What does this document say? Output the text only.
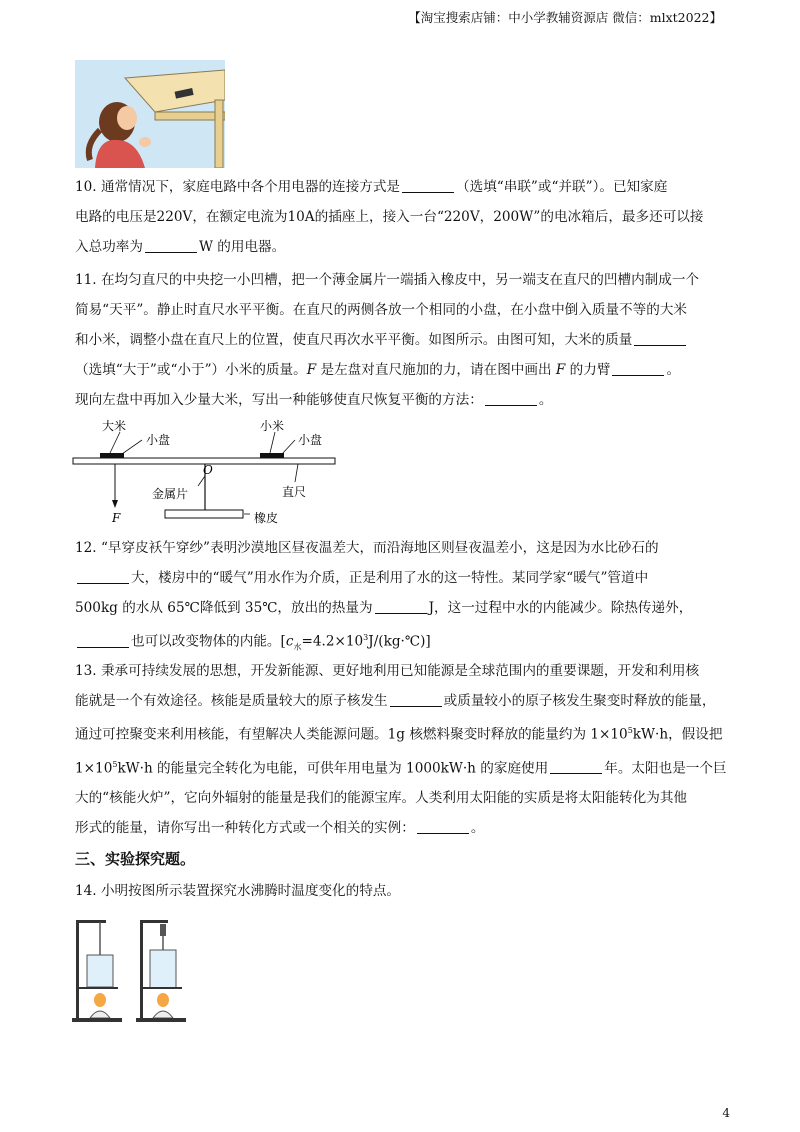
【淘宝搜索店铺：中小学教辅资源店 微信：mlxt2022】

10. 通常情况下，家庭电路中各个用电器的连接方式是	（选填“串联”或“并联”）。已知家庭

电路的电压是220V，在额定电流为10A的插座上，接入一台“220V，200W”的电冰箱后，最多还可以接

入总功率为	W 的用电器。

11. 在均匀直尺的中央挖一小凹槽，把一个薄金属片一端插入橡皮中，另一端支在直尺的凹槽内制成一个

简易“天平”。静止时直尺水平平衡。在直尺的两侧各放一个相同的小盘，在小盘中倒入质量不等的大米

和小米，调整小盘在直尺上的位置，使直尺再次水平平衡。如图所示。由图可知，大米的质量

（选填“大于”或“小于”）小米的质量。F 是左盘对直尺施加的力，请在图中画出 F 的力臂	。

现向左盘中再加入少量大米，写出一种能够使直尺恢复平衡的方法：	。

大米
小盘
小米
小盘
O
金属片	直尺
F	橡皮

12. “早穿皮袄午穿纱”表明沙漠地区昼夜温差大，而沿海地区则昼夜温差小，这是因为水比砂石的

大，楼房中的“暖气”用水作为介质，正是利用了水的这一特性。某同学家“暖气”管道中

500kg 的水从 65℃降低到 35℃，放出的热量为	J，这一过程中水的内能减少。除热传递外，

也可以改变物体的内能。$[c_水=4.2\times 10^3J/(kg\cdot℃)]$

13. 秉承可持续发展的思想，开发新能源、更好地利用已知能源是全球范围内的重要课题，开发和利用核

能就是一个有效途径。核能是质量较大的原子核发生	或质量较小的原子核发生聚变时释放的能量，

通过可控聚变来利用核能，有望解决人类能源问题。1g 核燃料聚变时释放的能量约为 $1\times 10^5kW\cdot h$，假设把

$1\times 10^5kW\cdot h$ 的能量完全转化为电能，可供年用电量为 1000kW·h 的家庭使用	年。太阳也是一个巨

大的“核能火炉”，它向外辐射的能量是我们的能源宝库。人类利用太阳能的实质是将太阳能转化为其他

形式的能量，请你写出一种转化方式或一个相关的实例：	。

三、实验探究题。

14. 小明按图所示装置探究水沸腾时温度变化的特点。

4
